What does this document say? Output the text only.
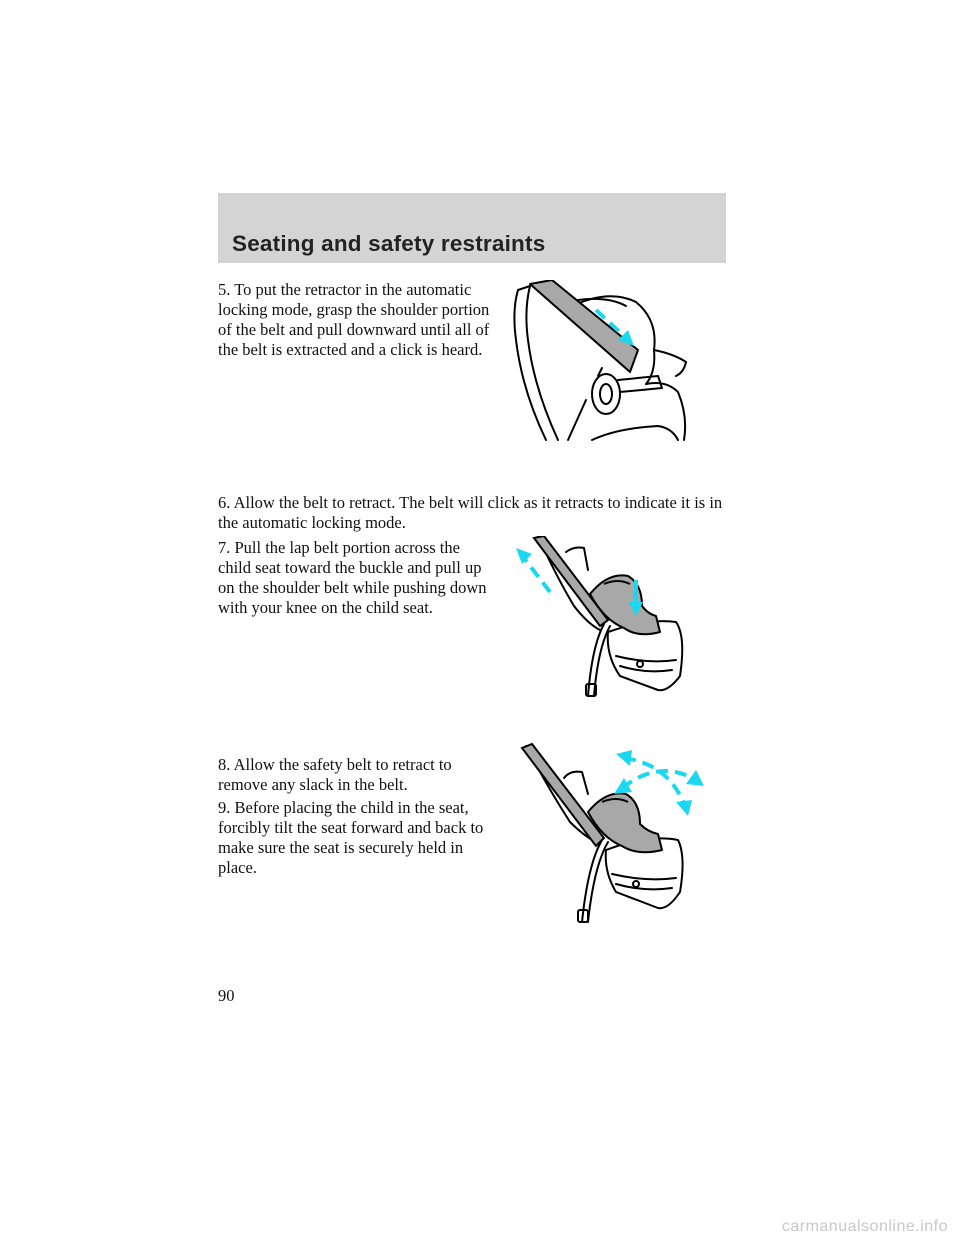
Seating and safety restraints

5. To put the retractor in the automatic locking mode, grasp the shoulder portion of the belt and pull downward until all of the belt is extracted and a click is heard.

6. Allow the belt to retract. The belt will click as it retracts to indicate it is in the automatic locking mode.

7. Pull the lap belt portion across the child seat toward the buckle and pull up on the shoulder belt while pushing down with your knee on the child seat.

8. Allow the safety belt to retract to remove any slack in the belt.

9. Before placing the child in the seat, forcibly tilt the seat forward and back to make sure the seat is securely held in place.

90
carmanualsonline.info
